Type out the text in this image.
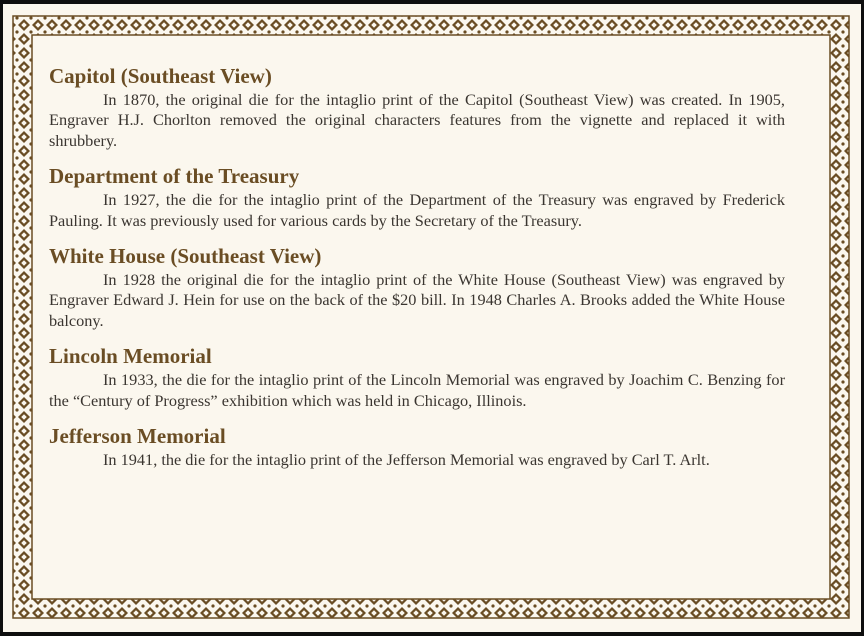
Capitol (Southeast View)

In 1870, the original die for the intaglio print of the Capitol (Southeast View) was created. In 1905, Engraver H.J. Chorlton removed the original characters features from the vignette and replaced it with shrubbery.

Department of the Treasury

In 1927, the die for the intaglio print of the Department of the Treasury was engraved by Frederick Pauling. It was previously used for various cards by the Secretary of the Treasury.

White House (Southeast View)

In 1928 the original die for the intaglio print of the White House (Southeast View) was engraved by Engraver Edward J. Hein for use on the back of the $20 bill. In 1948 Charles A. Brooks added the White House balcony.

Lincoln Memorial

In 1933, the die for the intaglio print of the Lincoln Memorial was engraved by Joachim C. Benzing for the “Century of Progress” exhibition which was held in Chicago, Illinois.

Jefferson Memorial

In 1941, the die for the intaglio print of the Jefferson Memorial was engraved by Carl T. Arlt.
